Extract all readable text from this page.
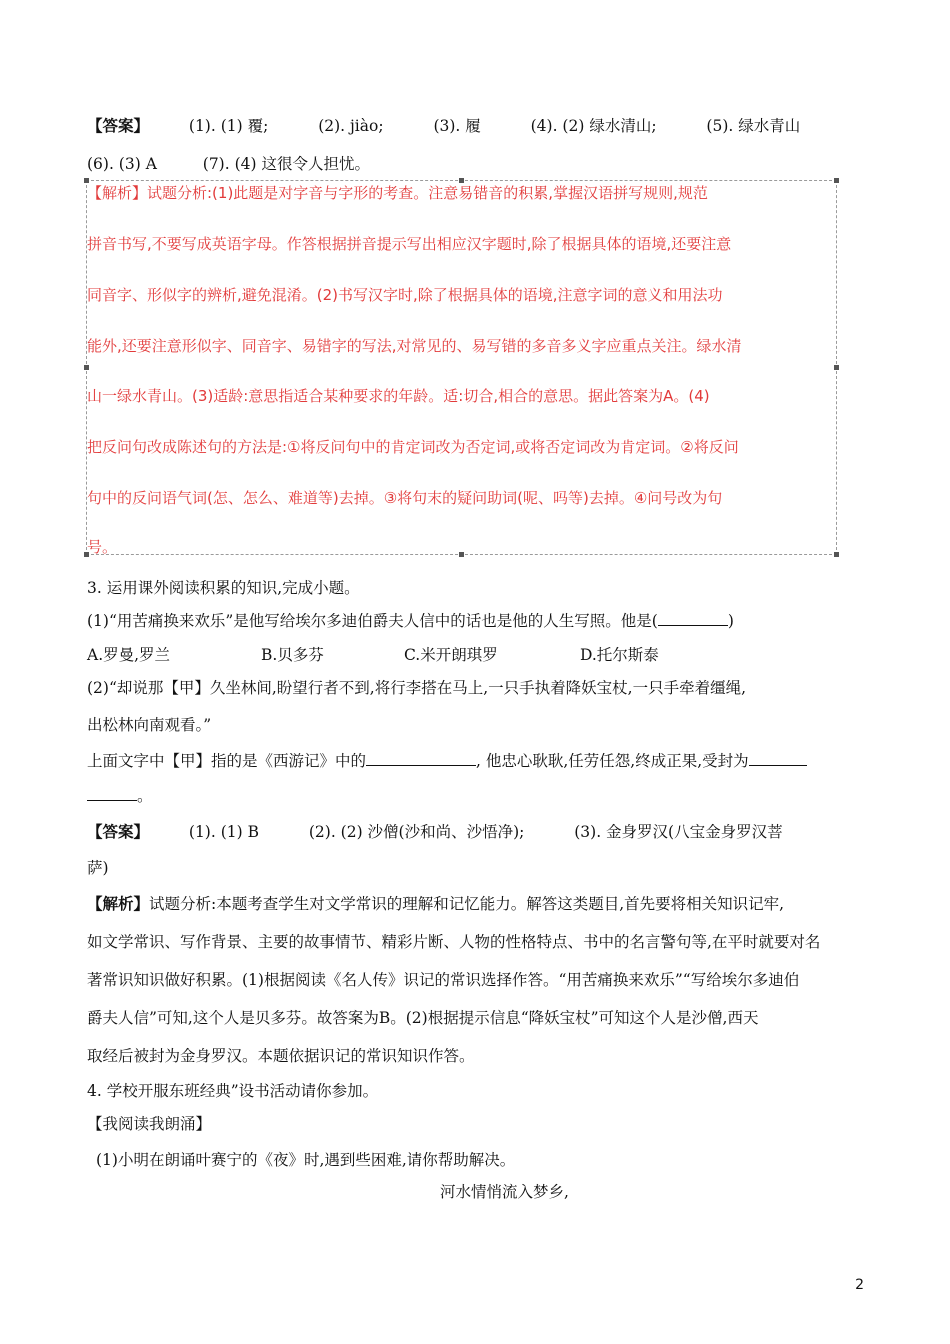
【答案】	(1). (1) 覆;	(2). jiào;	(3). 履	(4). (2) 绿水清山;	(5). 绿水青山
(6). (3) A	(7). (4) 这很令人担忧。
【解析】试题分析:(1)此题是对字音与字形的考查。注意易错音的积累,掌握汉语拼写规则,规范
拼音书写,不要写成英语字母。作答根据拼音提示写出相应汉字题时,除了根据具体的语境,还要注意
同音字、形似字的辨析,避免混淆。(2)书写汉字时,除了根据具体的语境,注意字词的意义和用法功
能外,还要注意形似字、同音字、易错字的写法,对常见的、易写错的多音多义字应重点关注。绿水清
山一绿水青山。(3)适龄:意思指适合某种要求的年龄。适:切合,相合的意思。据此答案为A。(4)
把反问句改成陈述句的方法是:①将反问句中的肯定词改为否定词,或将否定词改为肯定词。②将反问
句中的反问语气词(怎、怎么、难道等)去掉。③将句末的疑问助词(呢、吗等)去掉。④问号改为句
号。
3. 运用课外阅读积累的知识,完成小题。
(1)“用苦痛换来欢乐”是他写给埃尔多迪伯爵夫人信中的话也是他的人生写照。他是(	)
A.罗曼,罗兰	B.贝多芬	C.米开朗琪罗	D.托尔斯泰
(2)“却说那【甲】久坐林间,盼望行者不到,将行李搭在马上,一只手执着降妖宝杖,一只手牵着缰绳,
出松林向南观看。”
上面文字中【甲】指的是《西游记》中的	, 他忠心耿耿,任劳任怨,终成正果,受封为
。
【答案】	(1). (1) B	(2). (2) 沙僧(沙和尚、沙悟净);	(3). 金身罗汉(八宝金身罗汉菩
萨)
【解析】试题分析:本题考查学生对文学常识的理解和记忆能力。解答这类题目,首先要将相关知识记牢,
如文学常识、写作背景、主要的故事情节、精彩片断、人物的性格特点、书中的名言警句等,在平时就要对名
著常识知识做好积累。(1)根据阅读《名人传》识记的常识选择作答。“用苦痛换来欢乐”“写给埃尔多迪伯
爵夫人信”可知,这个人是贝多芬。故答案为B。(2)根据提示信息“降妖宝杖”可知这个人是沙僧,西天
取经后被封为金身罗汉。本题依据识记的常识知识作答。
4. 学校开服东班经典”设书活动请你参加。
【我阅读我朗涌】
(1)小明在朗诵叶赛宁的《夜》时,遇到些困难,请你帮助解决。
河水情悄流入梦乡,
2
